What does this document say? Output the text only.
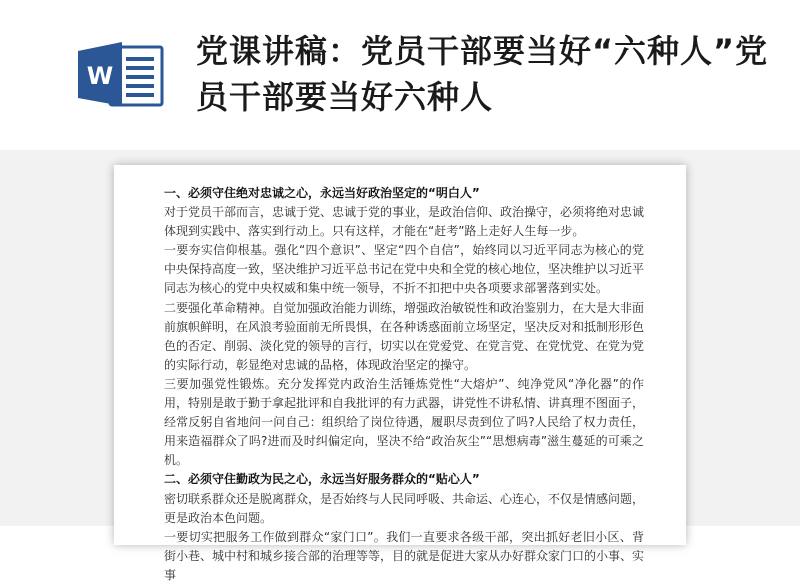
W
党课讲稿：党员干部要当好“六种人”党员干部要当好六种人

一、必须守住绝对忠诚之心，永远当好政治坚定的“明白人”

对于党员干部而言，忠诚于党、忠诚于党的事业，是政治信仰、政治操守，必须将绝对忠诚体现到实践中、落实到行动上。只有这样，才能在“赶考”路上走好人生每一步。

一要夯实信仰根基。强化“四个意识”、坚定“四个自信”，始终同以习近平同志为核心的党中央保持高度一致，坚决维护习近平总书记在党中央和全党的核心地位，坚决维护以习近平同志为核心的党中央权威和集中统一领导，不折不扣把中央各项要求部署落到实处。

二要强化革命精神。自觉加强政治能力训练，增强政治敏锐性和政治鉴别力，在大是大非面前旗帜鲜明，在风浪考验面前无所畏惧，在各种诱惑面前立场坚定，坚决反对和抵制形形色色的否定、削弱、淡化党的领导的言行，切实以在党爱党、在党言党、在党忧党、在党为党的实际行动，彰显绝对忠诚的品格，体现政治坚定的操守。

三要加强党性锻炼。充分发挥党内政治生活锤炼党性“大熔炉”、纯净党风“净化器”的作用，特别是敢于勤于拿起批评和自我批评的有力武器，讲党性不讲私情、讲真理不图面子，经常反躬自省地问一问自己：组织给了岗位待遇，履职尽责到位了吗?人民给了权力责任，用来造福群众了吗?进而及时纠偏定向，坚决不给“政治灰尘”“思想病毒”滋生蔓延的可乘之机。

二、必须守住勤政为民之心，永远当好服务群众的“贴心人”

密切联系群众还是脱离群众，是否始终与人民同呼吸、共命运、心连心，不仅是情感问题，更是政治本色问题。

一要切实把服务工作做到群众“家门口”。我们一直要求各级干部，突出抓好老旧小区、背街小巷、城中村和城乡接合部的治理等等，目的就是促进大家从办好群众家门口的小事、实事
